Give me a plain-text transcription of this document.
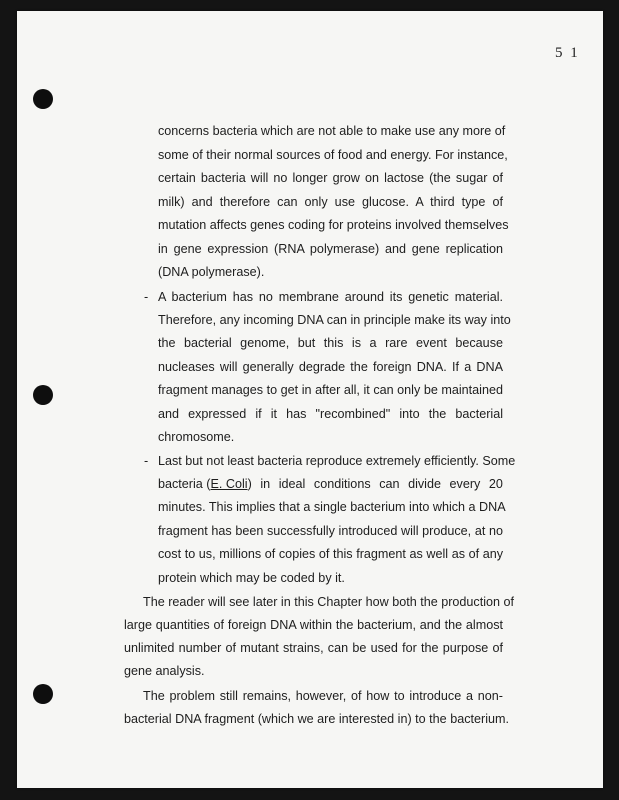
5 1
concerns bacteria which are not able to make use any more of
some of their normal sources of food and energy. For instance,
certain bacteria will no longer grow on lactose (the sugar of
milk) and therefore can only use glucose. A third type of
mutation affects genes coding for proteins involved themselves
in gene expression (RNA polymerase) and gene replication
(DNA polymerase).
- A bacterium has no membrane around its genetic material.
Therefore, any incoming DNA can in principle make its way into
the bacterial genome, but this is a rare event because
nucleases will generally degrade the foreign DNA. If a DNA
fragment manages to get in after all, it can only be maintained
and expressed if it has "recombined" into the bacterial
chromosome.
- Last but not least bacteria reproduce extremely efficiently. Some
bacteria (E. Coli) in ideal conditions can divide every 20
minutes. This implies that a single bacterium into which a DNA
fragment has been successfully introduced will produce, at no
cost to us, millions of copies of this fragment as well as of any
protein which may be coded by it.
The reader will see later in this Chapter how both the production of
large quantities of foreign DNA within the bacterium, and the almost
unlimited number of mutant strains, can be used for the purpose of
gene analysis.
The problem still remains, however, of how to introduce a non-
bacterial DNA fragment (which we are interested in) to the bacterium.
